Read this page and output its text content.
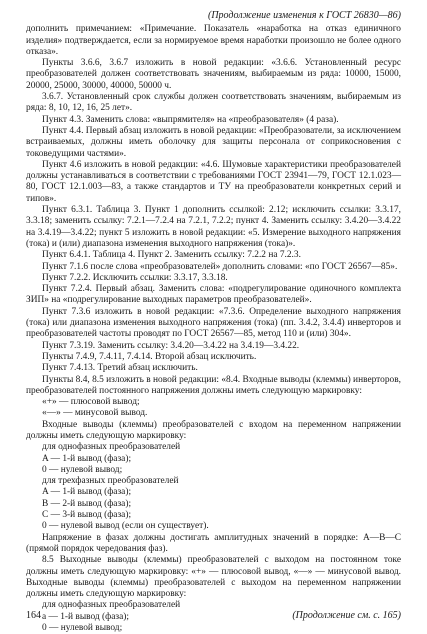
(Продолжение изменения к ГОСТ 26830—86)

дополнить примечанием: «Примечание. Показатель «наработка на отказ единичного изделия» подтверждается, если за нормируемое время наработки произошло не более одного отказа».

Пункты 3.6.6, 3.6.7 изложить в новой редакции: «3.6.6. Установленный ресурс преобразователей должен соответствовать значениям, выбираемым из ряда: 10000, 15000, 20000, 25000, 30000, 40000, 50000 ч.

3.6.7. Установленный срок службы должен соответствовать значениям, выбираемым из ряда: 8, 10, 12, 16, 25 лет».

Пункт 4.3. Заменить слова: «выпрямителя» на «преобразователя» (4 раза).

Пункт 4.4. Первый абзац изложить в новой редакции: «Преобразователи, за исключением встраиваемых, должны иметь оболочку для защиты персонала от соприкосновения с токоведущими частями».

Пункт 4.6 изложить в новой редакции: «4.6. Шумовые характеристики преобразователей должны устанавливаться в соответствии с требованиями ГОСТ 23941—79, ГОСТ 12.1.023—80, ГОСТ 12.1.003—83, а также стандартов и ТУ на преобразователи конкретных серий и типов».

Пункт 6.3.1. Таблица 3. Пункт 1 дополнить ссылкой: 2.12; исключить ссылки: 3.3.17, 3.3.18; заменить ссылку: 7.2.1—7.2.4 на 7.2.1, 7.2.2; пункт 4. Заменить ссылку: 3.4.20—3.4.22 на 3.4.19—3.4.22; пункт 5 изложить в новой редакции: «5. Измерение выходного напряжения (тока) и (или) диапазона изменения выходного напряжения (тока)».

Пункт 6.4.1. Таблица 4. Пункт 2. Заменить ссылку: 7.2.2 на 7.2.3.

Пункт 7.1.6 после слова «преобразователей» дополнить словами: «по ГОСТ 26567—85».

Пункт 7.2.2. Исключить ссылки: 3.3.17, 3.3.18.

Пункт 7.2.4. Первый абзац. Заменить слова: «подрегулирование одиночного комплекта ЗИП» на «подрегулирование выходных параметров преобразователей».

Пункт 7.3.6 изложить в новой редакции: «7.3.6. Определение выходного напряжения (тока) или диапазона изменения выходного напряжения (тока) (пп. 3.4.2, 3.4.4) инверторов и преобразователей частоты проводят по ГОСТ 26567—85, метод 110 и (или) 304».

Пункт 7.3.19. Заменить ссылку: 3.4.20—3.4.22 на 3.4.19—3.4.22.

Пункты 7.4.9, 7.4.11, 7.4.14. Второй абзац исключить.

Пункт 7.4.13. Третий абзац исключить.

Пункты 8.4, 8.5 изложить в новой редакции: «8.4. Входные выводы (клеммы) инверторов, преобразователей постоянного напряжения должны иметь следующую маркировку:

«+» — плюсовой вывод;

«—» — минусовой вывод.

Входные выводы (клеммы) преобразователей с входом на переменном напряжении должны иметь следующую маркировку:

для однофазных преобразователей

A — 1-й вывод (фаза);

0 — нулевой вывод;

для трехфазных преобразователей

A — 1-й вывод (фаза);

B — 2-й вывод (фаза);

C — 3-й вывод (фаза);

0 — нулевой вывод (если он существует).

Напряжение в фазах должны достигать амплитудных значений в порядке: A—B—C (прямой порядок чередования фаз).

8.5 Выходные выводы (клеммы) преобразователей с выходом на постоянном токе должны иметь следующую маркировку: «+» — плюсовой вывод, «—» — минусовой вывод. Выходные выводы (клеммы) преобразователей с выходом на переменном напряжении должны иметь следующую маркировку:

для однофазных преобразователей

a — 1-й вывод (фаза);

0 — нулевой вывод;

164	(Продолжение см. с. 165)
